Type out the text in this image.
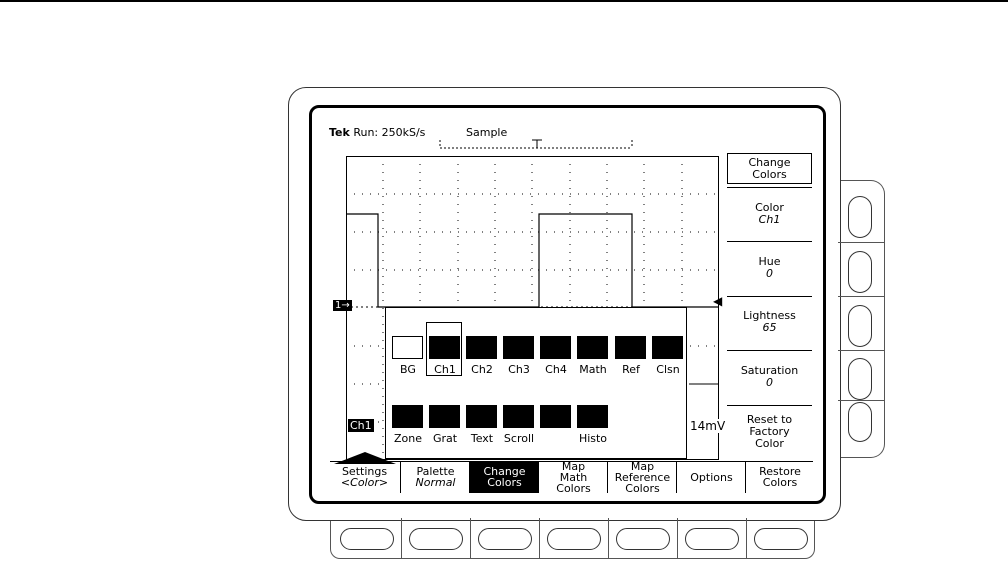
Tek Run: 250kS/s	Sample
◀
1→
Ch1	14mV
BG	Ch1	Ch2	Ch3	Ch4	Math	Ref	Clsn
Zone Grat	Text Scroll	Histo
Change Colors
Color
Ch1
Hue
0
Lightness
65
Saturation
0
Reset to Factory Color
Settings
<Color>
Palette
Normal
Change Colors
Map Math Colors
Map Reference Colors
Options	Restore Colors
